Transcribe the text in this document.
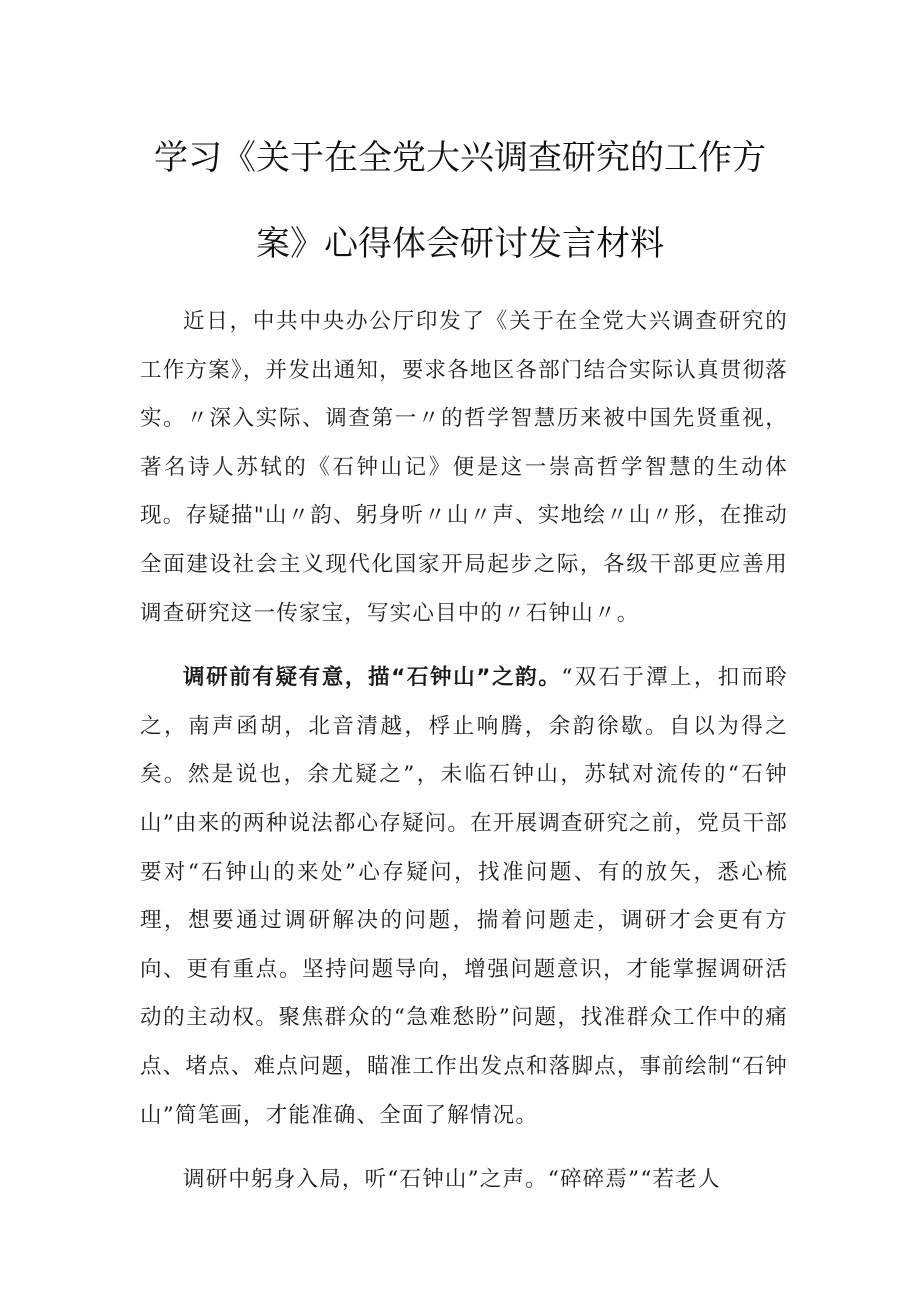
学习《关于在全党大兴调查研究的工作方
案》心得体会研讨发言材料

近日，中共中央办公厅印发了《关于在全党大兴调查研究的工作方案》，并发出通知，要求各地区各部门结合实际认真贯彻落实。〃深入实际、调查第一〃的哲学智慧历来被中国先贤重视，著名诗人苏轼的《石钟山记》便是这一崇高哲学智慧的生动体现。存疑描"山〃韵、躬身听〃山〃声、实地绘〃山〃形，在推动全面建设社会主义现代化国家开局起步之际，各级干部更应善用调查研究这一传家宝，写实心目中的〃石钟山〃。

调研前有疑有意，描“石钟山”之韵。“双石于潭上，扣而聆之，南声函胡，北音清越，桴止响腾，余韵徐歇。自以为得之矣。然是说也，余尤疑之”，未临石钟山，苏轼对流传的“石钟山”由来的两种说法都心存疑问。在开展调查研究之前，党员干部要对“石钟山的来处”心存疑问，找准问题、有的放矢，悉心梳理，想要通过调研解决的问题，揣着问题走，调研才会更有方向、更有重点。坚持问题导向，增强问题意识，才能掌握调研活动的主动权。聚焦群众的“急难愁盼”问题，找准群众工作中的痛点、堵点、难点问题，瞄准工作出发点和落脚点，事前绘制“石钟山”简笔画，才能准确、全面了解情况。

调研中躬身入局，听“石钟山”之声。“碎碎焉”“若老人
